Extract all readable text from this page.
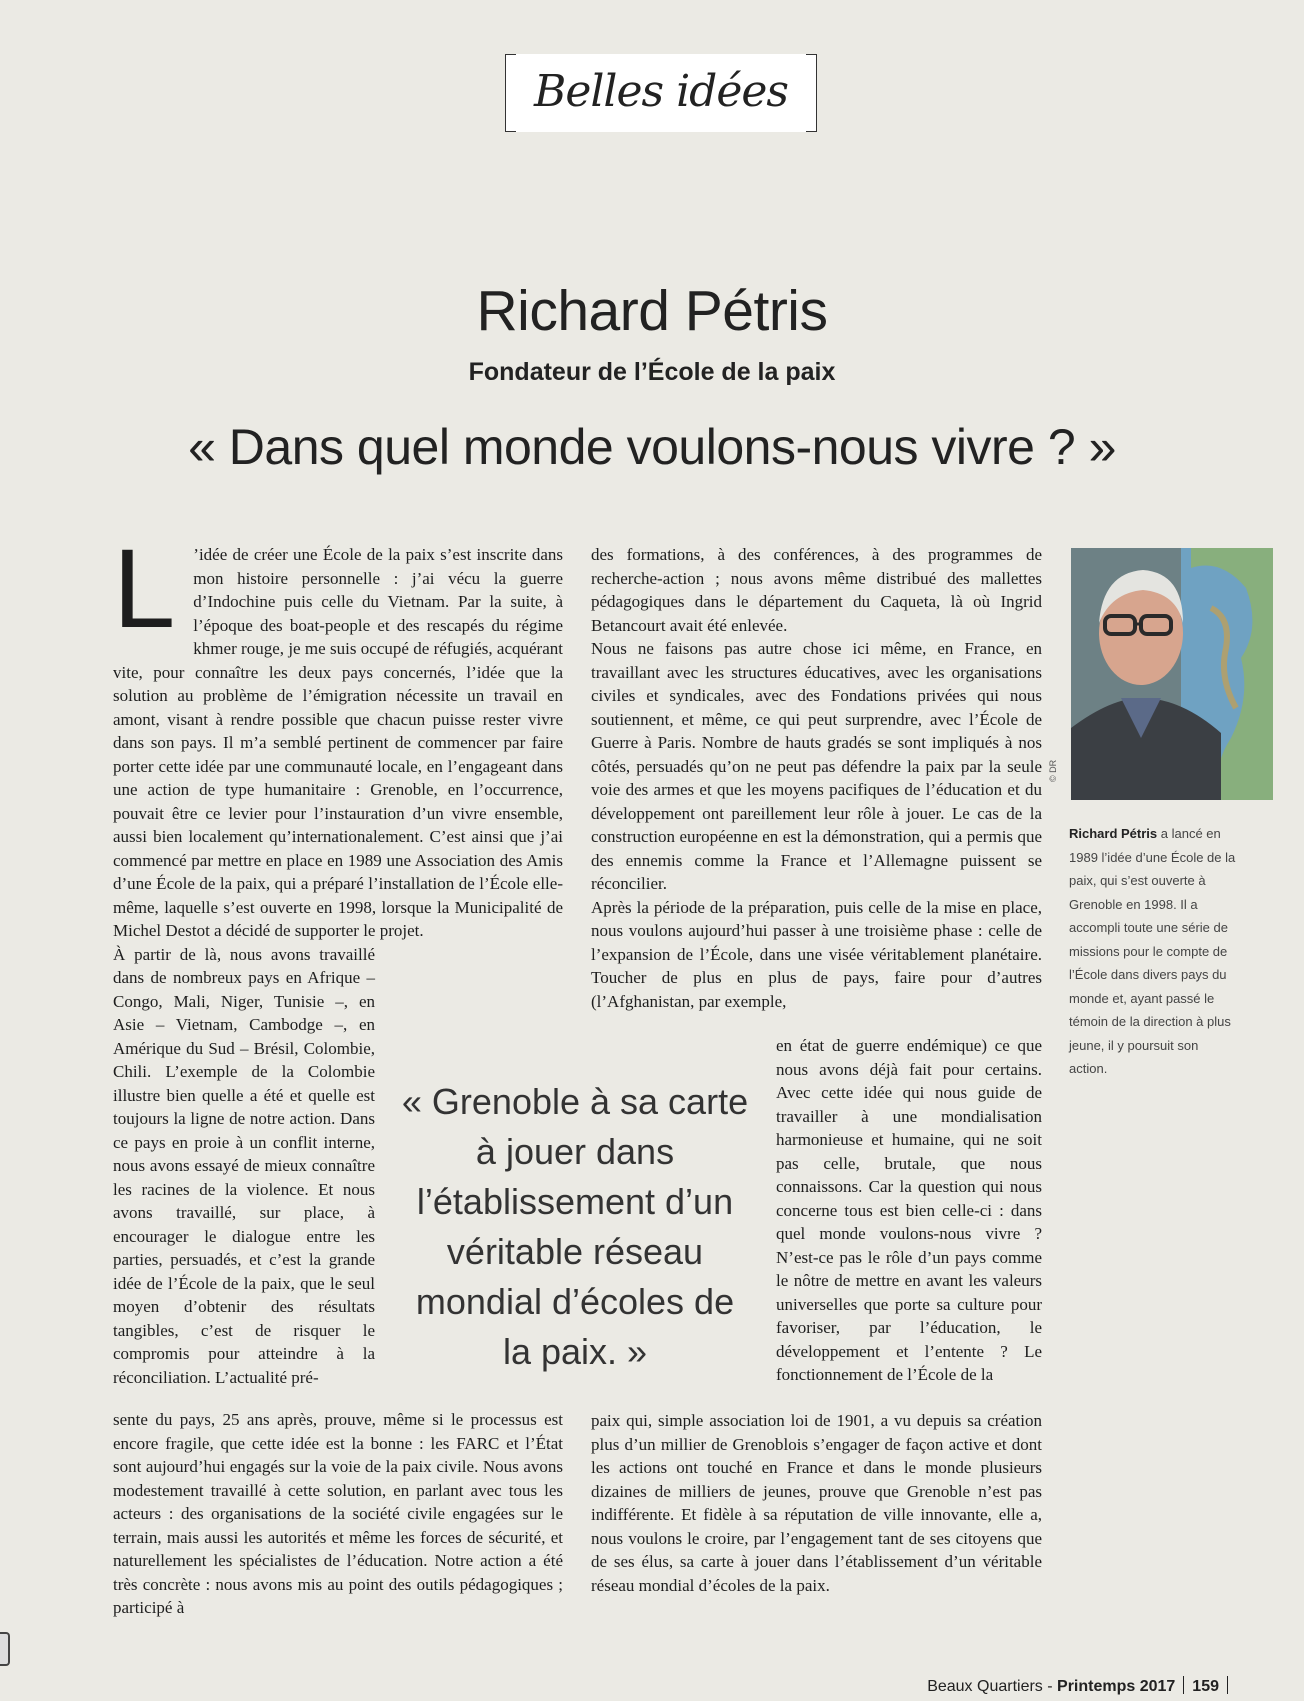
Belles idées
Richard Pétris
Fondateur de l’École de la paix
« Dans quel monde voulons-nous vivre ? »

L ’idée de créer une École de la paix s’est inscrite dans mon histoire personnelle : j’ai vécu la guerre d’Indochine puis celle du Vietnam. Par la suite, à l’époque des boat-people et des rescapés du régime khmer rouge, je me suis occupé de réfugiés, acquérant vite, pour connaître les deux pays concernés, l’idée que la solution au problème de l’émigration nécessite un travail en amont, visant à rendre possible que chacun puisse rester vivre dans son pays. Il m’a semblé pertinent de commencer par faire porter cette idée par une communauté locale, en l’engageant dans une action de type humanitaire : Grenoble, en l’occurrence, pouvait être ce levier pour l’instauration d’un vivre ensemble, aussi bien localement qu’internationalement. C’est ainsi que j’ai commencé par mettre en place en 1989 une Association des Amis d’une École de la paix, qui a préparé l’installation de l’École elle-même, laquelle s’est ouverte en 1998, lorsque la Municipalité de Michel Destot a décidé de supporter le projet.

À partir de là, nous avons travaillé dans de nombreux pays en Afrique – Congo, Mali, Niger, Tunisie –, en Asie – Vietnam, Cambodge –, en Amérique du Sud – Brésil, Colombie, Chili. L’exemple de la Colombie illustre bien quelle a été et quelle est toujours la ligne de notre action. Dans ce pays en proie à un conflit interne, nous avons essayé de mieux connaître les racines de la violence. Et nous avons travaillé, sur place, à encourager le dialogue entre les parties, persuadés, et c’est la grande idée de l’École de la paix, que le seul moyen d’obtenir des résultats tangibles, c’est de risquer le compromis pour atteindre à la réconciliation. L’actualité pré-

sente du pays, 25 ans après, prouve, même si le processus est encore fragile, que cette idée est la bonne : les FARC et l’État sont aujourd’hui engagés sur la voie de la paix civile. Nous avons modestement travaillé à cette solution, en parlant avec tous les acteurs : des organisations de la société civile engagées sur le terrain, mais aussi les autorités et même les forces de sécurité, et naturellement les spécialistes de l’éducation. Notre action a été très concrète : nous avons mis au point des outils pédagogiques ; participé à

des formations, à des conférences, à des programmes de recherche-action ; nous avons même distribué des mallettes pédagogiques dans le département du Caqueta, là où Ingrid Betancourt avait été enlevée.

Nous ne faisons pas autre chose ici même, en France, en travaillant avec les structures éducatives, avec les organisations civiles et syndicales, avec des Fondations privées qui nous soutiennent, et même, ce qui peut surprendre, avec l’École de Guerre à Paris. Nombre de hauts gradés se sont impliqués à nos côtés, persuadés qu’on ne peut pas défendre la paix par la seule voie des armes et que les moyens pacifiques de l’éducation et du développement ont pareillement leur rôle à jouer. Le cas de la construction européenne en est la démonstration, qui a permis que des ennemis comme la France et l’Allemagne puissent se réconcilier.

Après la période de la préparation, puis celle de la mise en place, nous voulons aujourd’hui passer à une troisième phase : celle de l’expansion de l’École, dans une visée véritablement planétaire. Toucher de plus en plus de pays, faire pour d’autres (l’Afghanistan, par exemple,

en état de guerre endémique) ce que nous avons déjà fait pour certains. Avec cette idée qui nous guide de travailler à une mondialisation harmonieuse et humaine, qui ne soit pas celle, brutale, que nous connaissons. Car la question qui nous concerne tous est bien celle-ci : dans quel monde voulons-nous vivre ? N’est-ce pas le rôle d’un pays comme le nôtre de mettre en avant les valeurs universelles que porte sa culture pour favoriser, par l’éducation, le développement et l’entente ? Le fonctionnement de l’École de la

paix qui, simple association loi de 1901, a vu depuis sa création plus d’un millier de Grenoblois s’engager de façon active et dont les actions ont touché en France et dans le monde plusieurs dizaines de milliers de jeunes, prouve que Grenoble n’est pas indifférente. Et fidèle à sa réputation de ville innovante, elle a, nous voulons le croire, par l’engagement tant de ses citoyens que de ses élus, sa carte à jouer dans l’établissement d’un véritable réseau mondial d’écoles de la paix.

« Grenoble à sa carte à jouer dans l’établissement d’un véritable réseau mondial d’écoles de la paix. »
© DR
Richard Pétris a lancé en 1989 l’idée d’une École de la paix, qui s’est ouverte à Grenoble en 1998. Il a accompli toute une série de missions pour le compte de l’École dans divers pays du monde et, ayant passé le témoin de la direction à plus jeune, il y poursuit son action.
Beaux Quartiers - Printemps 2017 159
